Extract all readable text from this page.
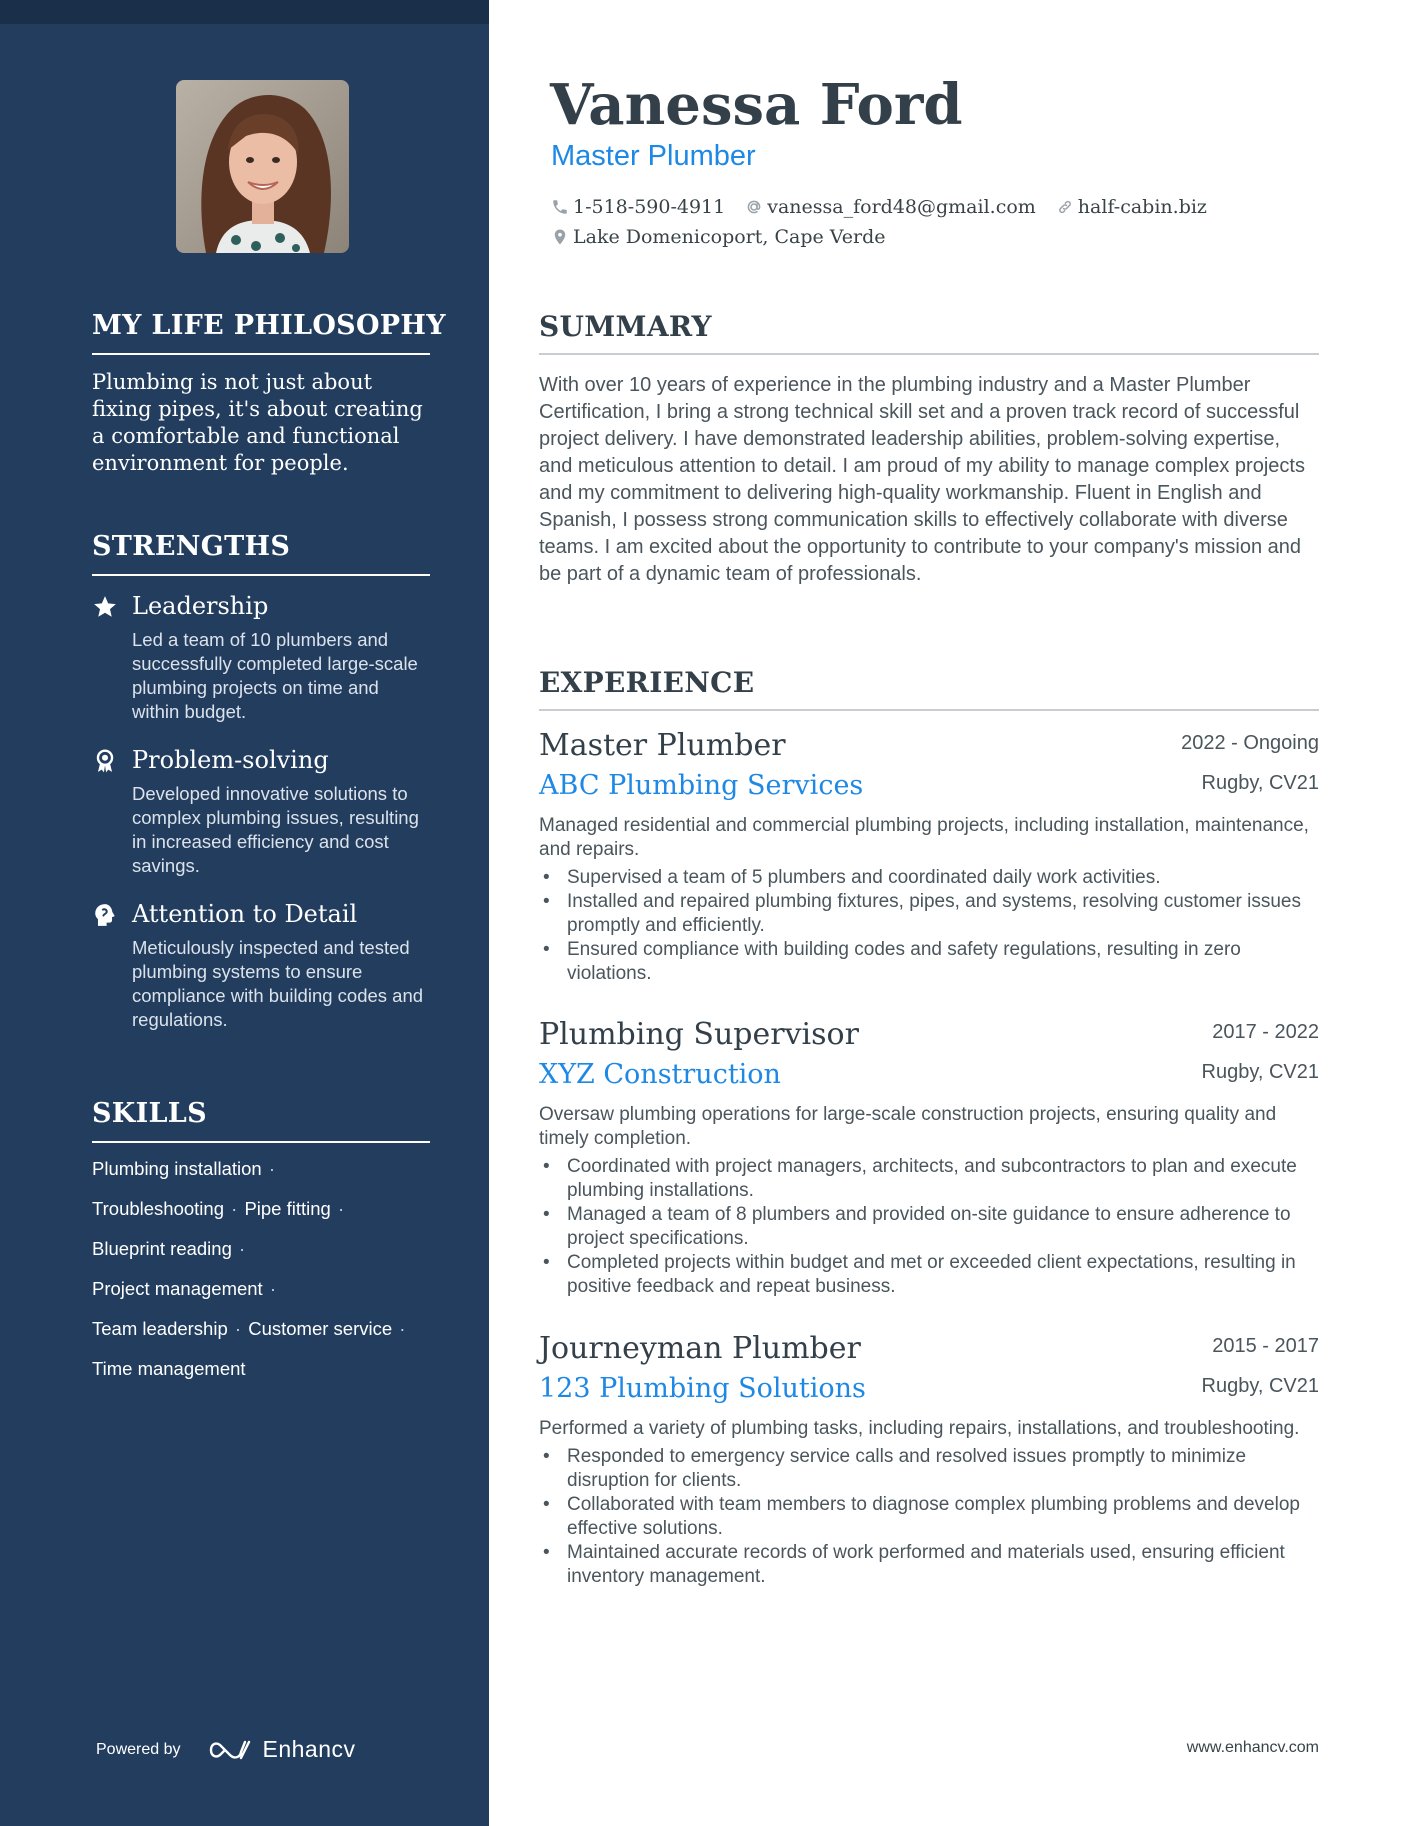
MY LIFE PHILOSOPHY

Plumbing is not just about fixing pipes, it's about creating a comfortable and functional environment for people.

STRENGTHS
Leadership
Led a team of 10 plumbers and successfully completed large-scale plumbing projects on time and within budget.
Problem-solving
Developed innovative solutions to complex plumbing issues, resulting in increased efficiency and cost savings.
Attention to Detail
Meticulously inspected and tested plumbing systems to ensure compliance with building codes and regulations.
SKILLS
Plumbing installation ·
Troubleshooting · Pipe fitting ·
Blueprint reading ·
Project management ·
Team leadership · Customer service ·
Time management
Powered by	Enhancv
Vanessa Ford
Master Plumber
1-518-590-4911 vanessa_ford48@gmail.com half-cabin.biz
Lake Domenicoport, Cape Verde
SUMMARY

With over 10 years of experience in the plumbing industry and a Master Plumber Certification, I bring a strong technical skill set and a proven track record of successful project delivery. I have demonstrated leadership abilities, problem-solving expertise, and meticulous attention to detail. I am proud of my ability to manage complex projects and my commitment to delivering high-quality workmanship. Fluent in English and Spanish, I possess strong communication skills to effectively collaborate with diverse teams. I am excited about the opportunity to contribute to your company's mission and be part of a dynamic team of professionals.

EXPERIENCE
Master Plumber	2022 - Ongoing
ABC Plumbing Services	Rugby, CV21

Managed residential and commercial plumbing projects, including installation, maintenance, and repairs.

• Supervised a team of 5 plumbers and coordinated daily work activities.
• Installed and repaired plumbing fixtures, pipes, and systems, resolving customer issues promptly and efficiently.
• Ensured compliance with building codes and safety regulations, resulting in zero violations.
Plumbing Supervisor	2017 - 2022
XYZ Construction	Rugby, CV21

Oversaw plumbing operations for large-scale construction projects, ensuring quality and timely completion.

• Coordinated with project managers, architects, and subcontractors to plan and execute plumbing installations.
• Managed a team of 8 plumbers and provided on-site guidance to ensure adherence to project specifications.
• Completed projects within budget and met or exceeded client expectations, resulting in positive feedback and repeat business.
Journeyman Plumber	2015 - 2017
123 Plumbing Solutions	Rugby, CV21

Performed a variety of plumbing tasks, including repairs, installations, and troubleshooting.

• Responded to emergency service calls and resolved issues promptly to minimize disruption for clients.
• Collaborated with team members to diagnose complex plumbing problems and develop effective solutions.
• Maintained accurate records of work performed and materials used, ensuring efficient inventory management.
www.enhancv.com
